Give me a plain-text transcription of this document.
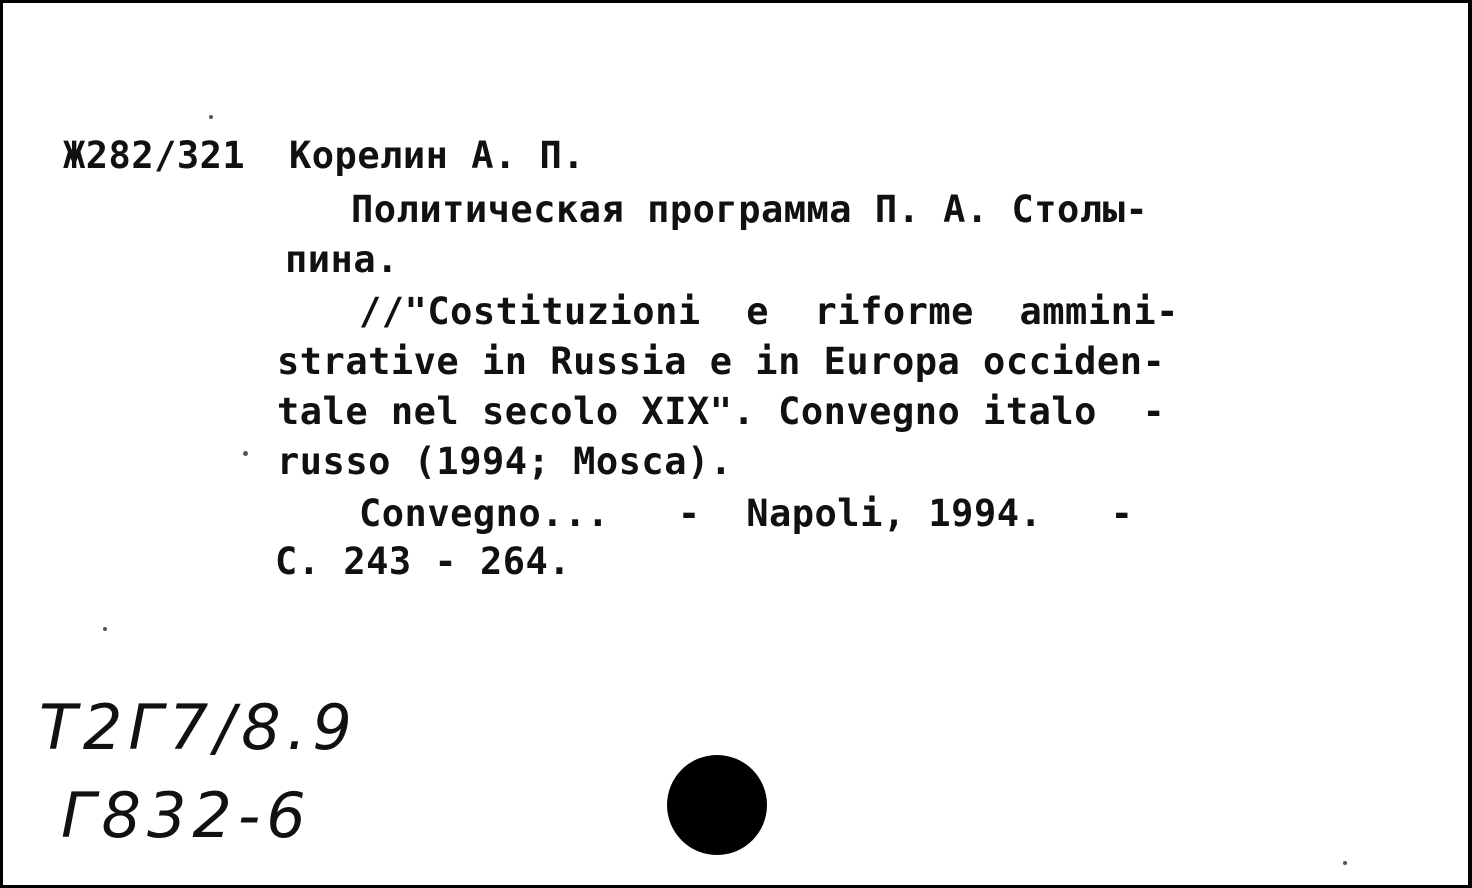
Ж282/321 Корелин А. П.
Политическая программа П. А. Столы-
пина.
//"Costituzioni  e  riforme  ammini-
strative in Russia e in Europa occiden-
tale nel secolo XIX". Convegno italo  -
russo (1994; Mosca).
Convegno...   -  Napoli, 1994.   -
C. 243 - 264.
T2Г7/8.9
Г832-6
